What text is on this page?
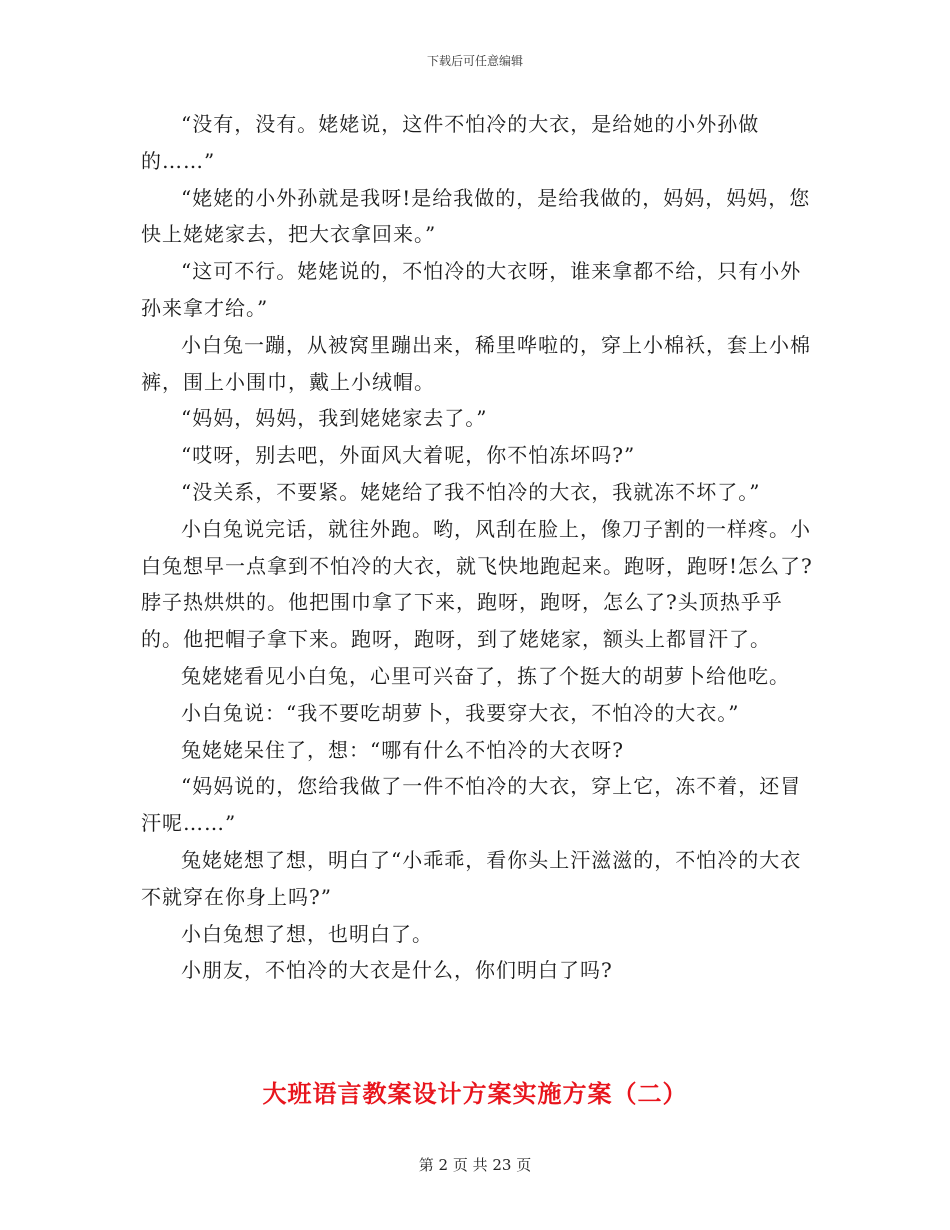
下载后可任意编辑

“没有，没有。姥姥说，这件不怕冷的大衣，是给她的小外孙做的……”

“姥姥的小外孙就是我呀!是给我做的，是给我做的，妈妈，妈妈，您快上姥姥家去，把大衣拿回来。”

“这可不行。姥姥说的，不怕冷的大衣呀，谁来拿都不给，只有小外孙来拿才给。”

小白兔一蹦，从被窝里蹦出来，稀里哗啦的，穿上小棉袄，套上小棉裤，围上小围巾，戴上小绒帽。

“妈妈，妈妈，我到姥姥家去了。”

“哎呀，别去吧，外面风大着呢，你不怕冻坏吗?”

“没关系，不要紧。姥姥给了我不怕冷的大衣，我就冻不坏了。”

小白兔说完话，就往外跑。哟，风刮在脸上，像刀子割的一样疼。小白兔想早一点拿到不怕冷的大衣，就飞快地跑起来。跑呀，跑呀!怎么了?脖子热烘烘的。他把围巾拿了下来，跑呀，跑呀，怎么了?头顶热乎乎的。他把帽子拿下来。跑呀，跑呀，到了姥姥家，额头上都冒汗了。

兔姥姥看见小白兔，心里可兴奋了，拣了个挺大的胡萝卜给他吃。

小白兔说：“我不要吃胡萝卜，我要穿大衣，不怕冷的大衣。”

兔姥姥呆住了，想：“哪有什么不怕冷的大衣呀?

“妈妈说的，您给我做了一件不怕冷的大衣，穿上它，冻不着，还冒汗呢……”

兔姥姥想了想，明白了“小乖乖，看你头上汗滋滋的，不怕冷的大衣不就穿在你身上吗?”

小白兔想了想，也明白了。

小朋友，不怕冷的大衣是什么，你们明白了吗?

大班语言教案设计方案实施方案（二）
第 2 页 共 23 页
